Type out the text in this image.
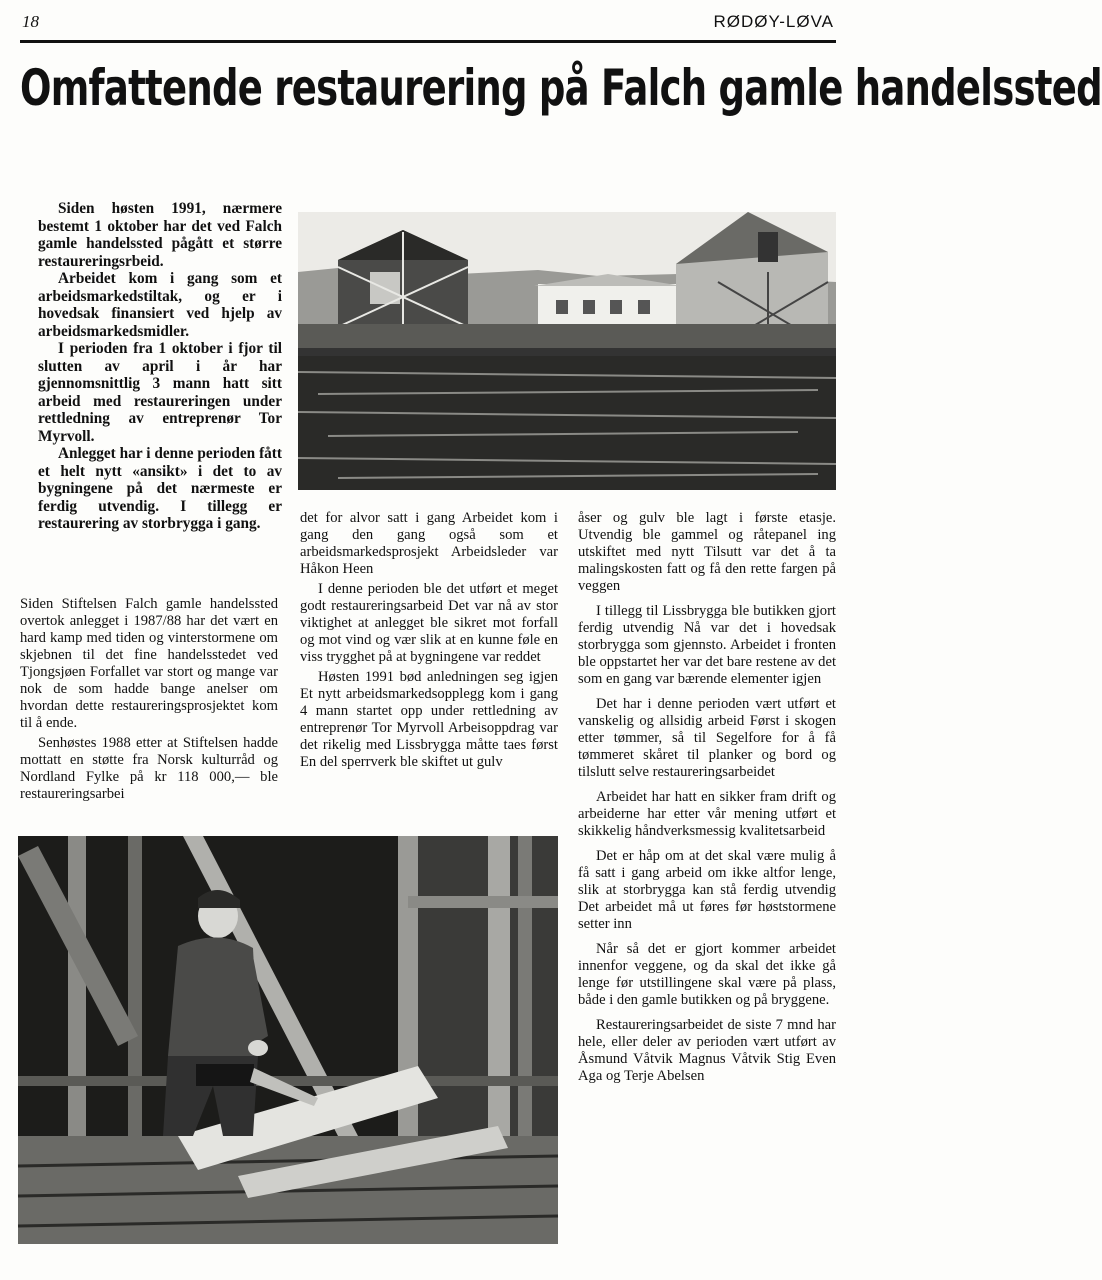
18	RØDØY-LØVA
Omfattende restaurering på Falch gamle handelssted

Siden høsten 1991, nærmere bestemt 1 oktober har det ved Falch gamle handelssted pågått et større restaureringsrbeid.

Arbeidet kom i gang som et arbeidsmarkedstiltak, og er i hovedsak finansiert ved hjelp av arbeidsmarkedsmidler.

I perioden fra 1 oktober i fjor til slutten av april i år har gjennomsnittlig 3 mann hatt sitt arbeid med restaureringen under rettledning av entreprenør Tor Myrvoll.

Anlegget har i denne perioden fått et helt nytt «ansikt» i det to av bygningene på det nærmeste er ferdig utvendig. I tillegg er restaurering av storbrygga i gang.

Siden Stiftelsen Falch gamle handelssted overtok anlegget i 1987/88 har det vært en hard kamp med tiden og vinterstormene om skjebnen til det fine handelsstedet ved Tjongsjøen Forfallet var stort og mange var nok de som hadde bange anelser om hvordan dette restaureringsprosjektet kom til å ende.

Senhøstes 1988 etter at Stiftelsen hadde mottatt en støtte fra Norsk kulturråd og Nordland Fylke på kr 118 000,— ble restaureringsarbei

det for alvor satt i gang Arbeidet kom i gang den gang også som et arbeidsmarkedsprosjekt Arbeidsleder var Håkon Heen

I denne perioden ble det utført et meget godt restaureringsarbeid Det var nå av stor viktighet at anlegget ble sikret mot forfall og mot vind og vær slik at en kunne føle en viss trygghet på at bygningene var reddet

Høsten 1991 bød anledningen seg igjen Et nytt arbeidsmarkedsopplegg kom i gang 4 mann startet opp under rettledning av entreprenør Tor Myrvoll Arbeisoppdrag var det rikelig med Lissbrygga måtte taes først En del sperrverk ble skiftet ut gulv

åser og gulv ble lagt i første etasje. Utvendig ble gammel og råtepanel ing utskiftet med nytt Tilsutt var det å ta malingskosten fatt og få den rette fargen på veggen

I tillegg til Lissbrygga ble butikken gjort ferdig utvendig Nå var det i hovedsak storbrygga som gjennsto. Arbeidet i fronten ble oppstartet her var det bare restene av det som en gang var bærende elementer igjen

Det har i denne perioden vært utført et vanskelig og allsidig arbeid Først i skogen etter tømmer, så til Segelfore for å få tømmeret skåret til planker og bord og tilslutt selve restaureringsarbeidet

Arbeidet har hatt en sikker fram drift og arbeiderne har etter vår mening utført et skikkelig håndverksmessig kvalitetsarbeid

Det er håp om at det skal være mulig å få satt i gang arbeid om ikke altfor lenge, slik at storbrygga kan stå ferdig utvendig Det arbeidet må ut føres før høststormene setter inn

Når så det er gjort kommer arbeidet innenfor veggene, og da skal det ikke gå lenge før utstillingene skal være på plass, både i den gamle butikken og på bryggene.

Restaureringsarbeidet de siste 7 mnd har hele, eller deler av perioden vært utført av Åsmund Våtvik Magnus Våtvik Stig Even Aga og Terje Abelsen
